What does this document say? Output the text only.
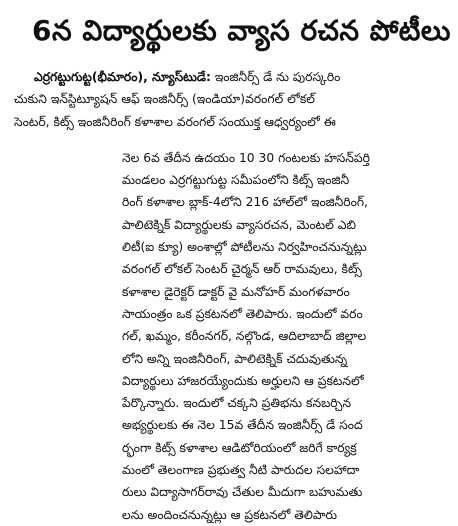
6న విద్యార్థులకు వ్యాస రచన పోటీలు
ఎర్రగట్టుగుట్ట(భీమారం), న్యూస్‌టుడే: ఇంజినీర్స్ డే ను పురస్కరిం
చుకుని ఇన్‌స్టిట్యూషన్ ఆఫ్ ఇంజినీర్స్ (ఇండియా)వరంగల్ లోకల్
సెంటర్, కిట్స్ ఇంజినీరింగ్ కళాశాల వరంగల్ సంయుక్త ఆధ్వర్యంలో ఈ
నెల 6వ తేదీన ఉదయం 10 30 గంటలకు హసన్‌పర్తి
మండలం ఎర్రగట్టుగుట్ట సమీపంలోని కిట్స్ ఇంజినీ
రింగ్ కళాశాల బ్లాక్-4లోని 216 హాల్‌లో ఇంజినీరింగ్,
పాలిటెక్నిక్ విద్యార్థులకు వ్యాసరచన, మెంటల్ ఎబి
లిటీ(ఐ క్యూ) అంశాల్లో పోటీలను నిర్వహించనున్నట్లు
వరంగల్ లోకల్ సెంటర్ చైర్మన్ ఆర్ రామవులు, కిట్స్
కళాశాల డైరెక్టర్ డాక్టర్ వై మనోహర్ మంగళవారం
సాయంత్రం ఒక ప్రకటనలో తెలిపారు. ఇందులో వరం
గల్, ఖమ్మం, కరీంనగర్, నల్గొండ, ఆదిలాబాద్ జిల్లాల
లోని అన్ని ఇంజినీరింగ్, పాలిటెక్నిక్ చదువుతున్న
విద్యార్థులు హాజరయ్యేందుకు అర్హులని ఆ ప్రకటనలో
పేర్కొన్నారు. ఇందులో చక్కని ప్రతిభను కనబర్చిన
అభ్యర్థులకు ఈ నెల 15వ తేదీన ఇంజినీర్స్ డే సంద
ర్భంగా కిట్స్ కళాశాల ఆడిటోరియంలో జరిగే కార్యక్ర
మంలో తెలంగాణ ప్రభుత్వ నీటి పారుదల సలహాదా
రులు విద్యాసాగర్‌రావు చేతుల మీదుగా బహుమతు
లను అందించనున్నట్లు ఆ ప్రకటనలో తెలిపారు
